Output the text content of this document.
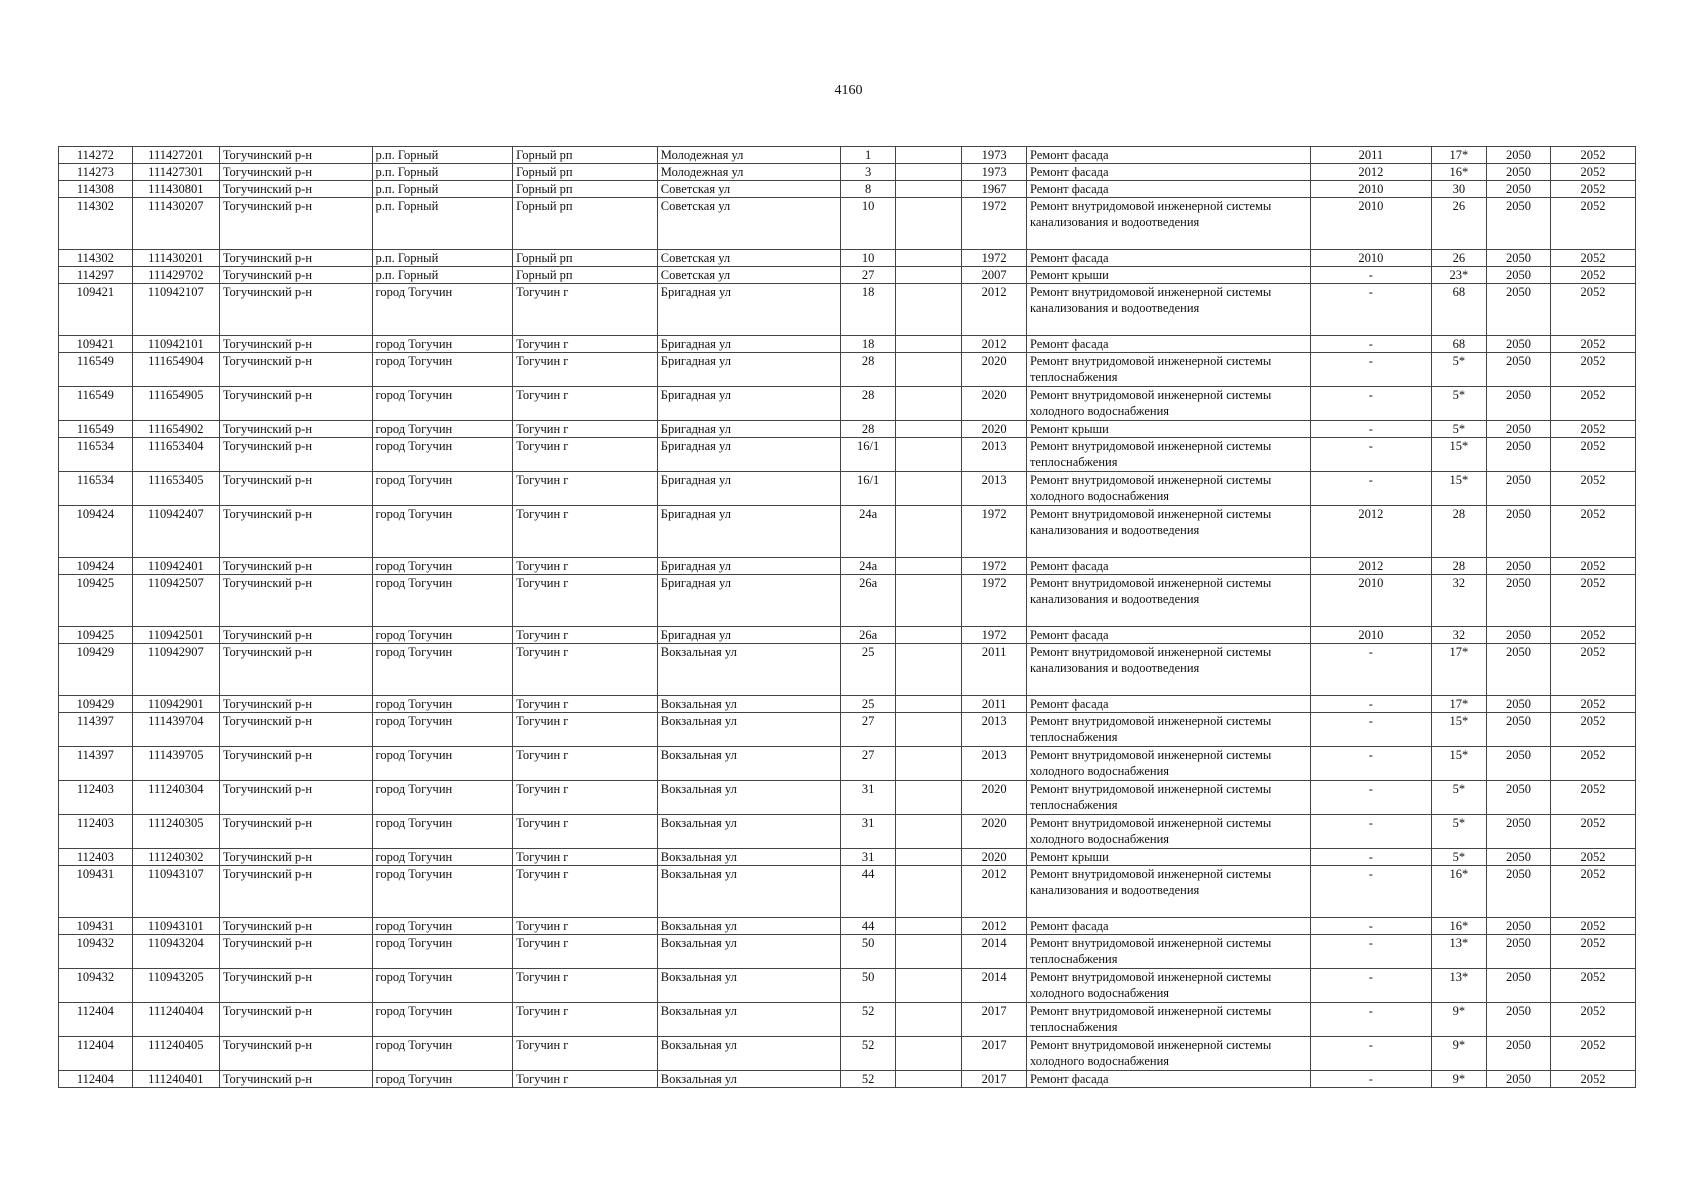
4160
114272	111427201	Тогучинский р-н	р.п. Горный	Горный рп	Молодежная ул	1		1973	Ремонт фасада	2011	17*	2050	2052
114273	111427301	Тогучинский р-н	р.п. Горный	Горный рп	Молодежная ул	3		1973	Ремонт фасада	2012	16*	2050	2052
114308	111430801	Тогучинский р-н	р.п. Горный	Горный рп	Советская ул	8		1967	Ремонт фасада	2010	30	2050	2052
114302	111430207	Тогучинский р-н	р.п. Горный	Горный рп	Советская ул	10		1972	Ремонт внутридомовой инженерной системы канализования и водоотведения	2010	26	2050	2052
114302	111430201	Тогучинский р-н	р.п. Горный	Горный рп	Советская ул	10		1972	Ремонт фасада	2010	26	2050	2052
114297	111429702	Тогучинский р-н	р.п. Горный	Горный рп	Советская ул	27		2007	Ремонт крыши	-	23*	2050	2052
109421	110942107	Тогучинский р-н	город Тогучин	Тогучин г	Бригадная ул	18		2012	Ремонт внутридомовой инженерной системы канализования и водоотведения	-	68	2050	2052
109421	110942101	Тогучинский р-н	город Тогучин	Тогучин г	Бригадная ул	18		2012	Ремонт фасада	-	68	2050	2052
116549	111654904	Тогучинский р-н	город Тогучин	Тогучин г	Бригадная ул	28		2020	Ремонт внутридомовой инженерной системы теплоснабжения	-	5*	2050	2052
116549	111654905	Тогучинский р-н	город Тогучин	Тогучин г	Бригадная ул	28		2020	Ремонт внутридомовой инженерной системы холодного водоснабжения	-	5*	2050	2052
116549	111654902	Тогучинский р-н	город Тогучин	Тогучин г	Бригадная ул	28		2020	Ремонт крыши	-	5*	2050	2052
116534	111653404	Тогучинский р-н	город Тогучин	Тогучин г	Бригадная ул	16/1		2013	Ремонт внутридомовой инженерной системы теплоснабжения	-	15*	2050	2052
116534	111653405	Тогучинский р-н	город Тогучин	Тогучин г	Бригадная ул	16/1		2013	Ремонт внутридомовой инженерной системы холодного водоснабжения	-	15*	2050	2052
109424	110942407	Тогучинский р-н	город Тогучин	Тогучин г	Бригадная ул	24а		1972	Ремонт внутридомовой инженерной системы канализования и водоотведения	2012	28	2050	2052
109424	110942401	Тогучинский р-н	город Тогучин	Тогучин г	Бригадная ул	24а		1972	Ремонт фасада	2012	28	2050	2052
109425	110942507	Тогучинский р-н	город Тогучин	Тогучин г	Бригадная ул	26а		1972	Ремонт внутридомовой инженерной системы канализования и водоотведения	2010	32	2050	2052
109425	110942501	Тогучинский р-н	город Тогучин	Тогучин г	Бригадная ул	26а		1972	Ремонт фасада	2010	32	2050	2052
109429	110942907	Тогучинский р-н	город Тогучин	Тогучин г	Вокзальная ул	25		2011	Ремонт внутридомовой инженерной системы канализования и водоотведения	-	17*	2050	2052
109429	110942901	Тогучинский р-н	город Тогучин	Тогучин г	Вокзальная ул	25		2011	Ремонт фасада	-	17*	2050	2052
114397	111439704	Тогучинский р-н	город Тогучин	Тогучин г	Вокзальная ул	27		2013	Ремонт внутридомовой инженерной системы теплоснабжения	-	15*	2050	2052
114397	111439705	Тогучинский р-н	город Тогучин	Тогучин г	Вокзальная ул	27		2013	Ремонт внутридомовой инженерной системы холодного водоснабжения	-	15*	2050	2052
112403	111240304	Тогучинский р-н	город Тогучин	Тогучин г	Вокзальная ул	31		2020	Ремонт внутридомовой инженерной системы теплоснабжения	-	5*	2050	2052
112403	111240305	Тогучинский р-н	город Тогучин	Тогучин г	Вокзальная ул	31		2020	Ремонт внутридомовой инженерной системы холодного водоснабжения	-	5*	2050	2052
112403	111240302	Тогучинский р-н	город Тогучин	Тогучин г	Вокзальная ул	31		2020	Ремонт крыши	-	5*	2050	2052
109431	110943107	Тогучинский р-н	город Тогучин	Тогучин г	Вокзальная ул	44		2012	Ремонт внутридомовой инженерной системы канализования и водоотведения	-	16*	2050	2052
109431	110943101	Тогучинский р-н	город Тогучин	Тогучин г	Вокзальная ул	44		2012	Ремонт фасада	-	16*	2050	2052
109432	110943204	Тогучинский р-н	город Тогучин	Тогучин г	Вокзальная ул	50		2014	Ремонт внутридомовой инженерной системы теплоснабжения	-	13*	2050	2052
109432	110943205	Тогучинский р-н	город Тогучин	Тогучин г	Вокзальная ул	50		2014	Ремонт внутридомовой инженерной системы холодного водоснабжения	-	13*	2050	2052
112404	111240404	Тогучинский р-н	город Тогучин	Тогучин г	Вокзальная ул	52		2017	Ремонт внутридомовой инженерной системы теплоснабжения	-	9*	2050	2052
112404	111240405	Тогучинский р-н	город Тогучин	Тогучин г	Вокзальная ул	52		2017	Ремонт внутридомовой инженерной системы холодного водоснабжения	-	9*	2050	2052
112404	111240401	Тогучинский р-н	город Тогучин	Тогучин г	Вокзальная ул	52		2017	Ремонт фасада	-	9*	2050	2052
